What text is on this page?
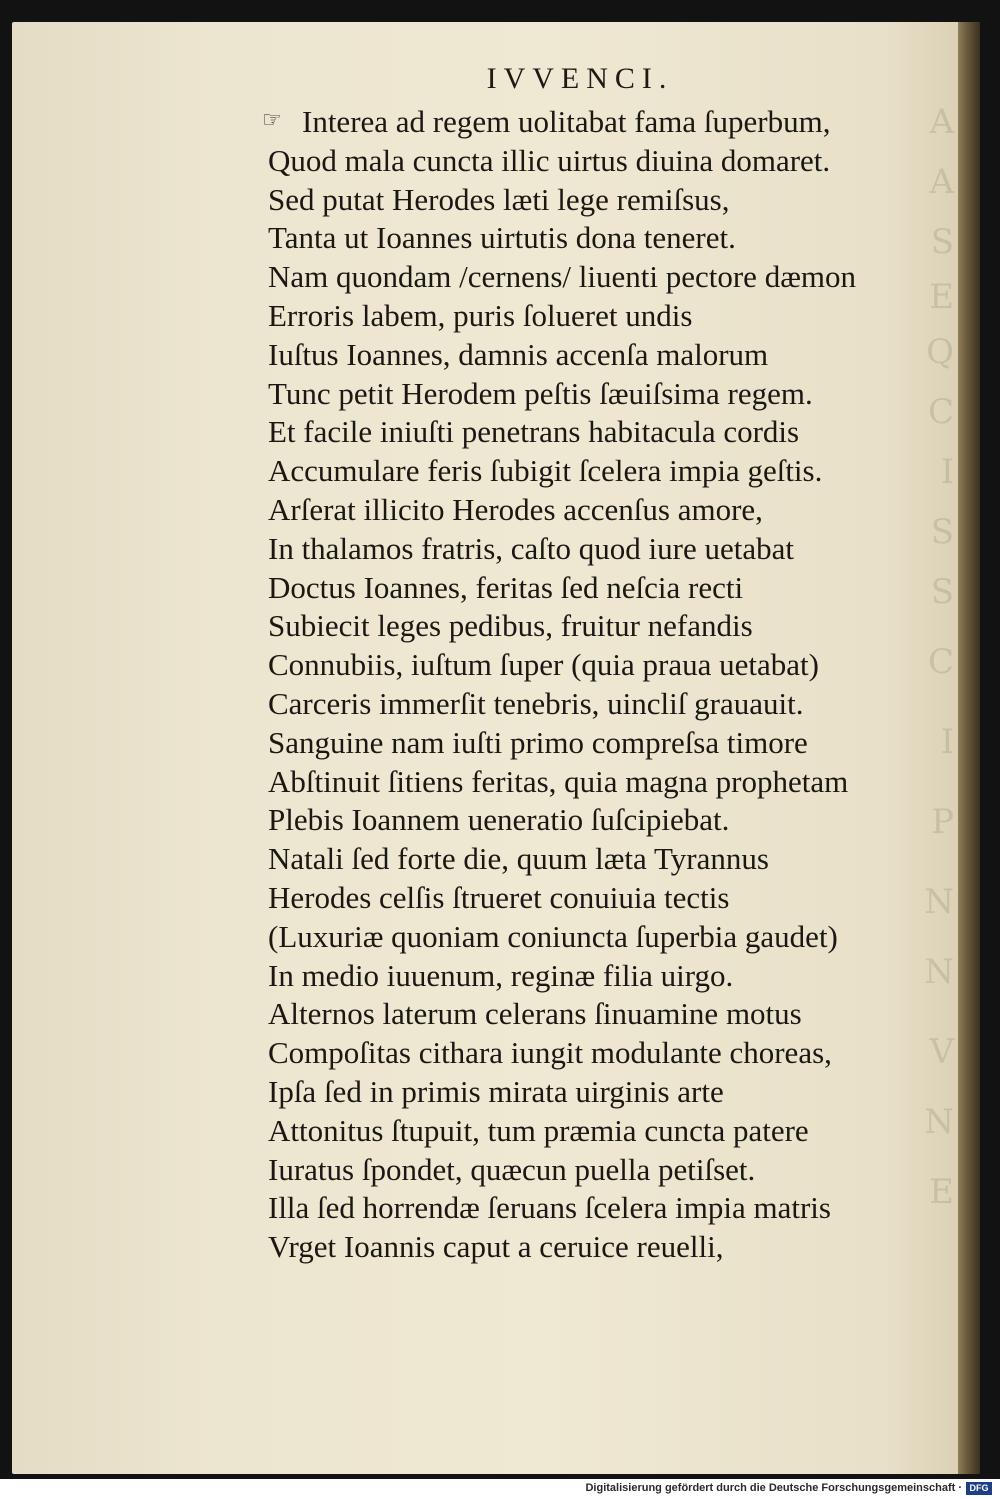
A
A
S
E
Q
C
I
S
S
C
I
P
N
N
V
N
E
IVVENCI.
☞ Interea ad regem uolitabat fama ſuperbum,
Quod mala cuncta illic uirtus diuina domaret.
Sed putat Herodes læti lege remiſsus,
Tanta ut Ioannes uirtutis dona teneret.
Nam quondam /cernens/ liuenti pectore dæmon
Erroris labem, puris ſolueret undis
Iuſtus Ioannes, damnis accenſa malorum
Tunc petit Herodem peſtis ſæuiſsima regem.
Et facile iniuſti penetrans habitacula cordis
Accumulare feris ſubigit ſcelera impia geſtis.
Arſerat illicito Herodes accenſus amore,
In thalamos fratris, caſto quod iure uetabat
Doctus Ioannes, feritas ſed neſcia recti
Subiecit leges pedibus, fruitur nefandis
Connubiis, iuſtum ſuper (quia praua uetabat)
Carceris immerſit tenebris, uincliſ grauauit.
Sanguine nam iuſti primo compreſsa timore
Abſtinuit ſitiens feritas, quia magna prophetam
Plebis Ioannem ueneratio ſuſcipiebat.
Natali ſed forte die, quum læta Tyrannus
Herodes celſis ſtrueret conuiuia tectis
(Luxuriæ quoniam coniuncta ſuperbia gaudet)
In medio iuuenum, reginæ filia uirgo.
Alternos laterum celerans ſinuamine motus
Compoſitas cithara iungit modulante choreas,
Ipſa ſed in primis mirata uirginis arte
Attonitus ſtupuit, tum præmia cuncta patere
Iuratus ſpondet, quæcun puella petiſset.
Illa ſed horrendæ ſeruans ſcelera impia matris
Vrget Ioannis caput a ceruice reuelli,
Digitalisierung gefördert durch die Deutsche Forschungsgemeinschaft · DFG
